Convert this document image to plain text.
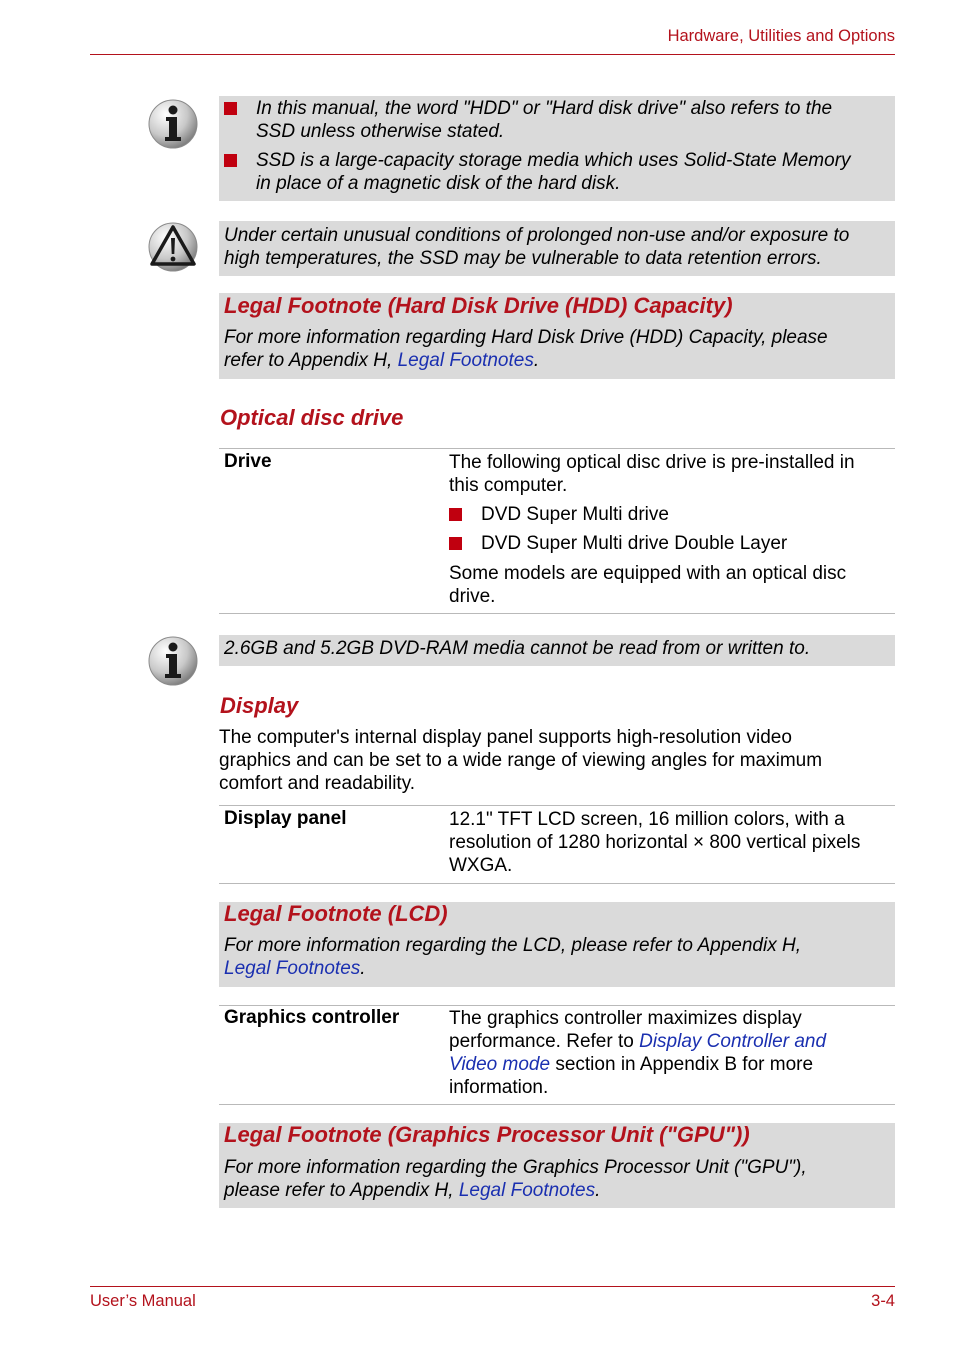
Hardware, Utilities and Options
In this manual, the word "HDD" or "Hard disk drive" also refers to the
SSD unless otherwise stated.
SSD is a large-capacity storage media which uses Solid-State Memory
in place of a magnetic disk of the hard disk.
Under certain unusual conditions of prolonged non-use and/or exposure to
high temperatures, the SSD may be vulnerable to data retention errors.
Legal Footnote (Hard Disk Drive (HDD) Capacity)
For more information regarding Hard Disk Drive (HDD) Capacity, please
refer to Appendix H, Legal Footnotes.
Optical disc drive
Drive	The following optical disc drive is pre-installed in
this computer.
DVD Super Multi drive
DVD Super Multi drive Double Layer
Some models are equipped with an optical disc
drive.
2.6GB and 5.2GB DVD-RAM media cannot be read from or written to.
Display
The computer's internal display panel supports high-resolution video
graphics and can be set to a wide range of viewing angles for maximum
comfort and readability.
Display panel	12.1" TFT LCD screen, 16 million colors, with a
resolution of 1280 horizontal × 800 vertical pixels
WXGA.
Legal Footnote (LCD)
For more information regarding the LCD, please refer to Appendix H,
Legal Footnotes.
Graphics controller	The graphics controller maximizes display
performance. Refer to Display Controller and
Video mode section in Appendix B for more
information.
Legal Footnote (Graphics Processor Unit ("GPU"))
For more information regarding the Graphics Processor Unit ("GPU"),
please refer to Appendix H, Legal Footnotes.
User’s Manual	3-4
